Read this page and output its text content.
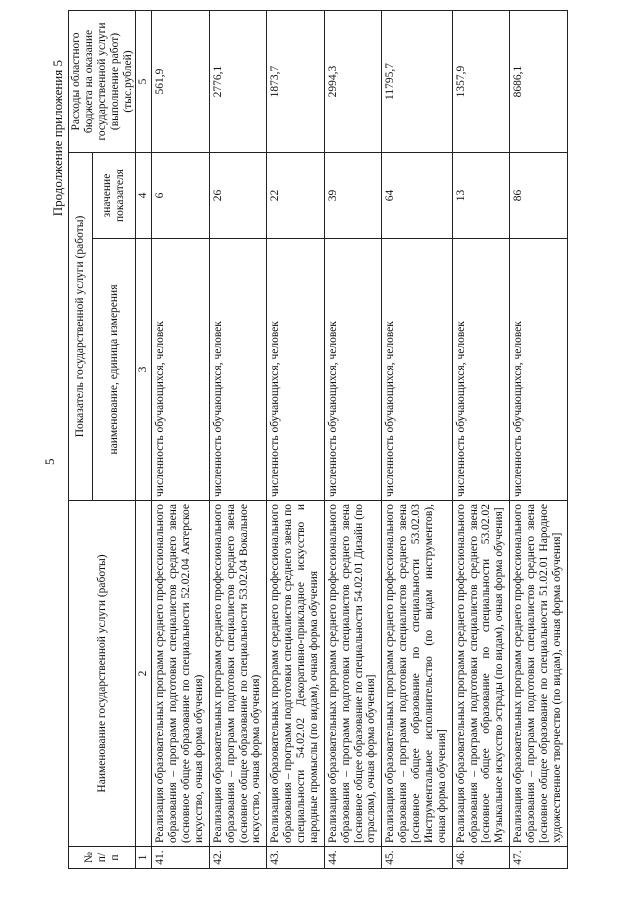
5
Продолжение приложения 5
№ п/п	Наименование государственной услуги (работы)	Показатель государственной услуги (работы)		Расходы областного бюджета на оказание государственной услуги (выполнение работ) (тыс.рублей)
		наименование, единица измерения	значение показателя	
1	2	3	4	5
41.	Реализация образовательных программ среднего профессионального образования – программ подготовки специалистов среднего звена (основное общее образование по специальности 52.02.04 Актерское искусство, очная форма обучения)	численность обучающихся, человек	6	561,9
42.	Реализация образовательных программ среднего профессионального образования – программ подготовки специалистов среднего звена (основное общее образование по специальности 53.02.04 Вокальное искусство, очная форма обучения)	численность обучающихся, человек	26	2776,1
43.	Реализация образовательных программ среднего профессионального образования – программ подготовки специалистов среднего звена по специальности 54.02.02 Декоративно-прикладное искусство и народные промыслы (по видам), очная форма обучения	численность обучающихся, человек	22	1873,7
44.	Реализация образовательных программ среднего профессионального образования – программ подготовки специалистов среднего звена [основное общее образование по специальности 54.02.01 Дизайн (по отраслям), очная форма обучения]	численность обучающихся, человек	39	2994,3
45.	Реализация образовательных программ среднего профессионального образования – программ подготовки специалистов среднего звена [основное общее образование по специальности 53.02.03 Инструментальное исполнительство (по видам инструментов), очная форма обучения]	численность обучающихся, человек	64	11795,7
46.	Реализация образовательных программ среднего профессионального образования – программ подготовки специалистов среднего звена [основное общее образование по специальности 53.02.02 Музыкальное искусство эстрады (по видам), очная форма обучения]	численность обучающихся, человек	13	1357,9
47.	Реализация образовательных программ среднего профессионального образования – программ подготовки специалистов среднего звена [основное общее образование по специальности 51.02.01 Народное художественное творчество (по видам), очная форма обучения]	численность обучающихся, человек	86	8686,1
